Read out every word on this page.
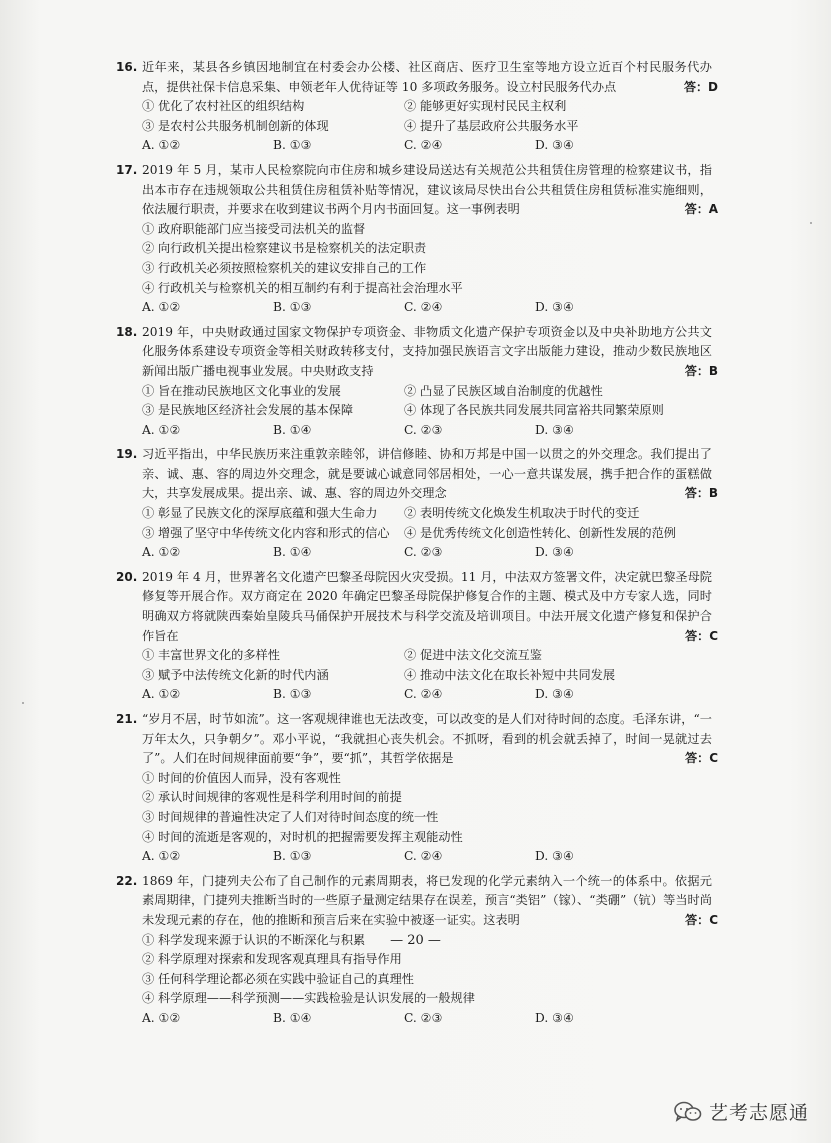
16. 近年来，某县各乡镇因地制宜在村委会办公楼、社区商店、医疗卫生室等地方设立近百个村民服务代办点，提供社保卡信息采集、申领老年人优待证等 10 多项政务服务。设立村民服务代办点	答：D
① 优化了农村社区的组织结构	② 能够更好实现村民民主权利
③ 是农村公共服务机制创新的体现	④ 提升了基层政府公共服务水平
A. ①②	B. ①③	C. ②④	D. ③④
17. 2019 年 5 月，某市人民检察院向市住房和城乡建设局送达有关规范公共租赁住房管理的检察建议书，指出本市存在违规领取公共租赁住房租赁补贴等情况，建议该局尽快出台公共租赁住房租赁标准实施细则，依法履行职责，并要求在收到建议书两个月内书面回复。这一事例表明	答：A
① 政府职能部门应当接受司法机关的监督
② 向行政机关提出检察建议书是检察机关的法定职责
③ 行政机关必须按照检察机关的建议安排自己的工作
④ 行政机关与检察机关的相互制约有利于提高社会治理水平
A. ①②	B. ①③	C. ②④	D. ③④
18. 2019 年，中央财政通过国家文物保护专项资金、非物质文化遗产保护专项资金以及中央补助地方公共文化服务体系建设专项资金等相关财政转移支付，支持加强民族语言文字出版能力建设，推动少数民族地区新闻出版广播电视事业发展。中央财政支持	答：B
① 旨在推动民族地区文化事业的发展	② 凸显了民族区域自治制度的优越性
③ 是民族地区经济社会发展的基本保障	④ 体现了各民族共同发展共同富裕共同繁荣原则
A. ①②	B. ①④	C. ②③	D. ③④
19. 习近平指出，中华民族历来注重敦亲睦邻，讲信修睦、协和万邦是中国一以贯之的外交理念。我们提出了亲、诚、惠、容的周边外交理念，就是要诚心诚意同邻居相处，一心一意共谋发展，携手把合作的蛋糕做大，共享发展成果。提出亲、诚、惠、容的周边外交理念	答：B
① 彰显了民族文化的深厚底蕴和强大生命力	② 表明传统文化焕发生机取决于时代的变迁
③ 增强了坚守中华传统文化内容和形式的信心	④ 是优秀传统文化创造性转化、创新性发展的范例
A. ①②	B. ①④	C. ②③	D. ③④
20. 2019 年 4 月，世界著名文化遗产巴黎圣母院因火灾受损。11 月，中法双方签署文件，决定就巴黎圣母院修复等开展合作。双方商定在 2020 年确定巴黎圣母院保护修复合作的主题、模式及中方专家人选，同时明确双方将就陕西秦始皇陵兵马俑保护开展技术与科学交流及培训项目。中法开展文化遗产修复和保护合作旨在	答：C
① 丰富世界文化的多样性	② 促进中法文化交流互鉴
③ 赋予中法传统文化新的时代内涵	④ 推动中法文化在取长补短中共同发展
A. ①②	B. ①③	C. ②④	D. ③④
21. “岁月不居，时节如流”。这一客观规律谁也无法改变，可以改变的是人们对待时间的态度。毛泽东讲，“一万年太久，只争朝夕”。邓小平说，“我就担心丧失机会。不抓呀，看到的机会就丢掉了，时间一晃就过去了”。人们在时间规律面前要“争”，要“抓”，其哲学依据是	答：C
① 时间的价值因人而异，没有客观性
② 承认时间规律的客观性是科学利用时间的前提
③ 时间规律的普遍性决定了人们对待时间态度的统一性
④ 时间的流逝是客观的，对时机的把握需要发挥主观能动性
A. ①②	B. ①③	C. ②④	D. ③④
22. 1869 年，门捷列夫公布了自己制作的元素周期表，将已发现的化学元素纳入一个统一的体系中。依据元素周期律，门捷列夫推断当时的一些原子量测定结果存在误差，预言“类铝”（镓）、“类硼”（钪）等当时尚未发现元素的存在，他的推断和预言后来在实验中被逐一证实。这表明	答：C
① 科学发现来源于认识的不断深化与积累
② 科学原理对探索和发现客观真理具有指导作用
③ 任何科学理论都必须在实践中验证自己的真理性
④ 科学原理——科学预测——实践检验是认识发展的一般规律
A. ①②	B. ①④	C. ②③	D. ③④
— 20 —
艺考志愿通
